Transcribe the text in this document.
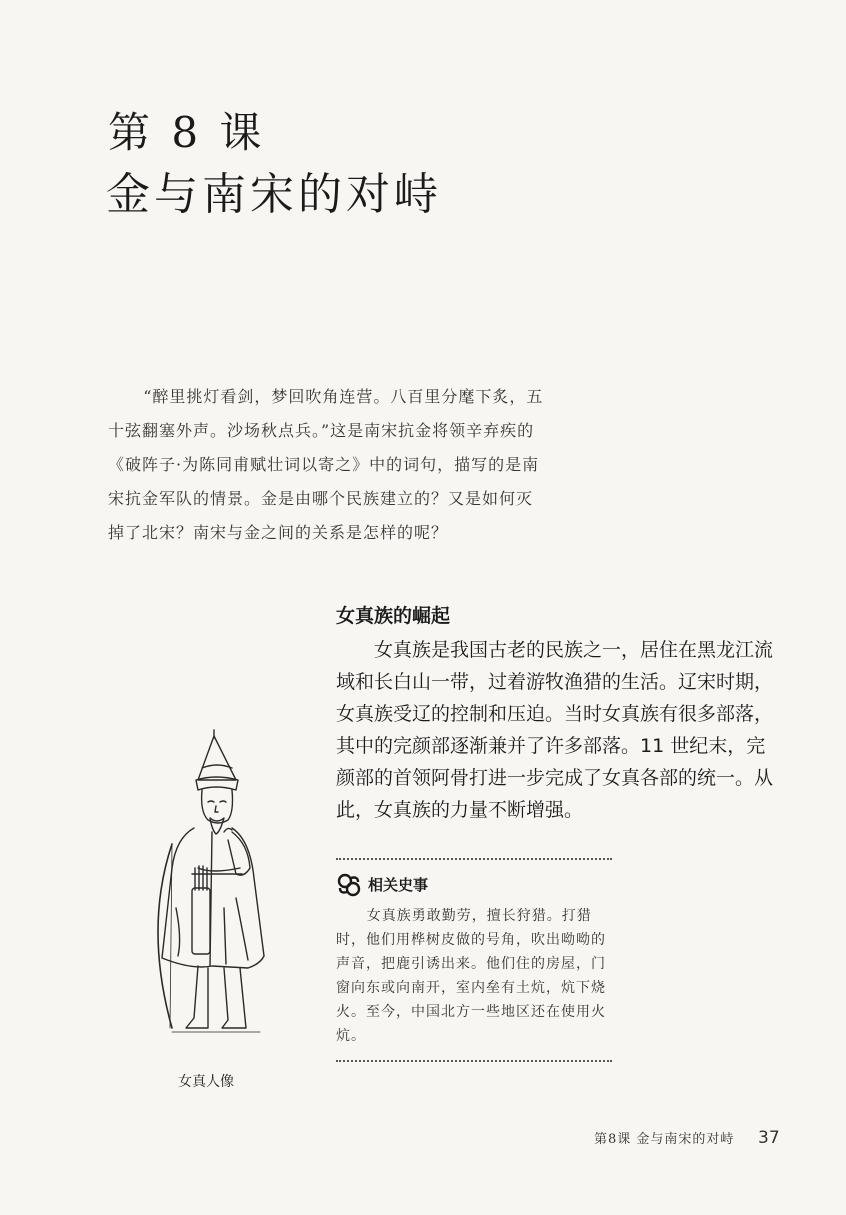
第 8 课
金与南宋的对峙

“醉里挑灯看剑，梦回吹角连营。八百里分麾下炙，五十弦翻塞外声。沙场秋点兵。”这是南宋抗金将领辛弃疾的《破阵子·为陈同甫赋壮词以寄之》中的词句，描写的是南宋抗金军队的情景。金是由哪个民族建立的？又是如何灭掉了北宋？南宋与金之间的关系是怎样的呢？

女真族的崛起

女真族是我国古老的民族之一，居住在黑龙江流域和长白山一带，过着游牧渔猎的生活。辽宋时期，女真族受辽的控制和压迫。当时女真族有很多部落，其中的完颜部逐渐兼并了许多部落。11 世纪末，完颜部的首领阿骨打进一步完成了女真各部的统一。从此，女真族的力量不断增强。

女真人像
相关史事

女真族勇敢勤劳，擅长狩猎。打猎时，他们用桦树皮做的号角，吹出呦呦的声音，把鹿引诱出来。他们住的房屋，门窗向东或向南开，室内垒有土炕，炕下烧火。至今，中国北方一些地区还在使用火炕。

第8课 金与南宋的对峙 37
